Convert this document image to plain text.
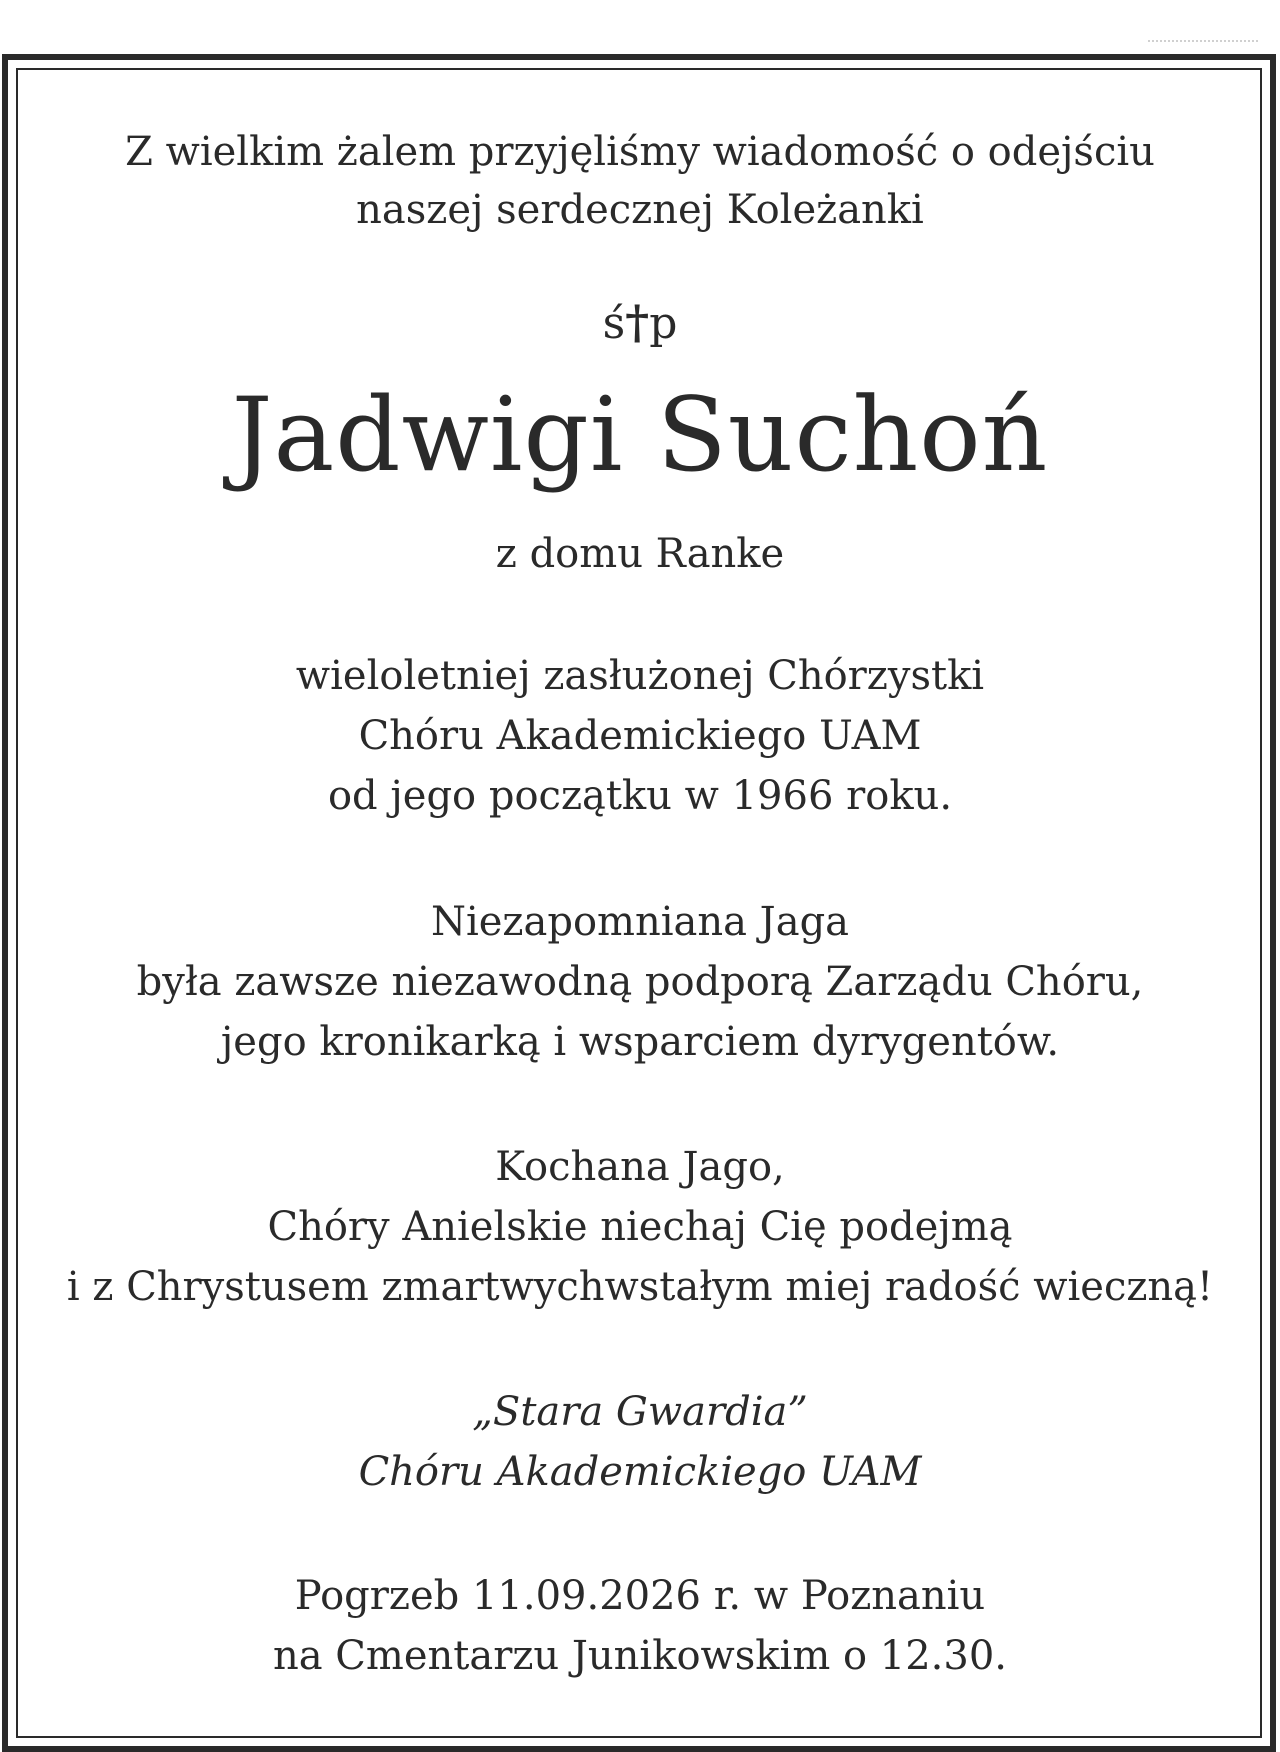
Z wielkim żalem przyjęliśmy wiadomość o odejściu
naszej serdecznej Koleżanki
ś†p
Jadwigi Suchoń
z domu Ranke
wieloletniej zasłużonej Chórzystki
Chóru Akademickiego UAM
od jego początku w 1966 roku.
Niezapomniana Jaga
była zawsze niezawodną podporą Zarządu Chóru,
jego kronikarką i wsparciem dyrygentów.
Kochana Jago,
Chóry Anielskie niechaj Cię podejmą
i z Chrystusem zmartwychwstałym miej radość wieczną!
„Stara Gwardia”
Chóru Akademickiego UAM
Pogrzeb 11.09.2026 r. w Poznaniu
na Cmentarzu Junikowskim o 12.30.
